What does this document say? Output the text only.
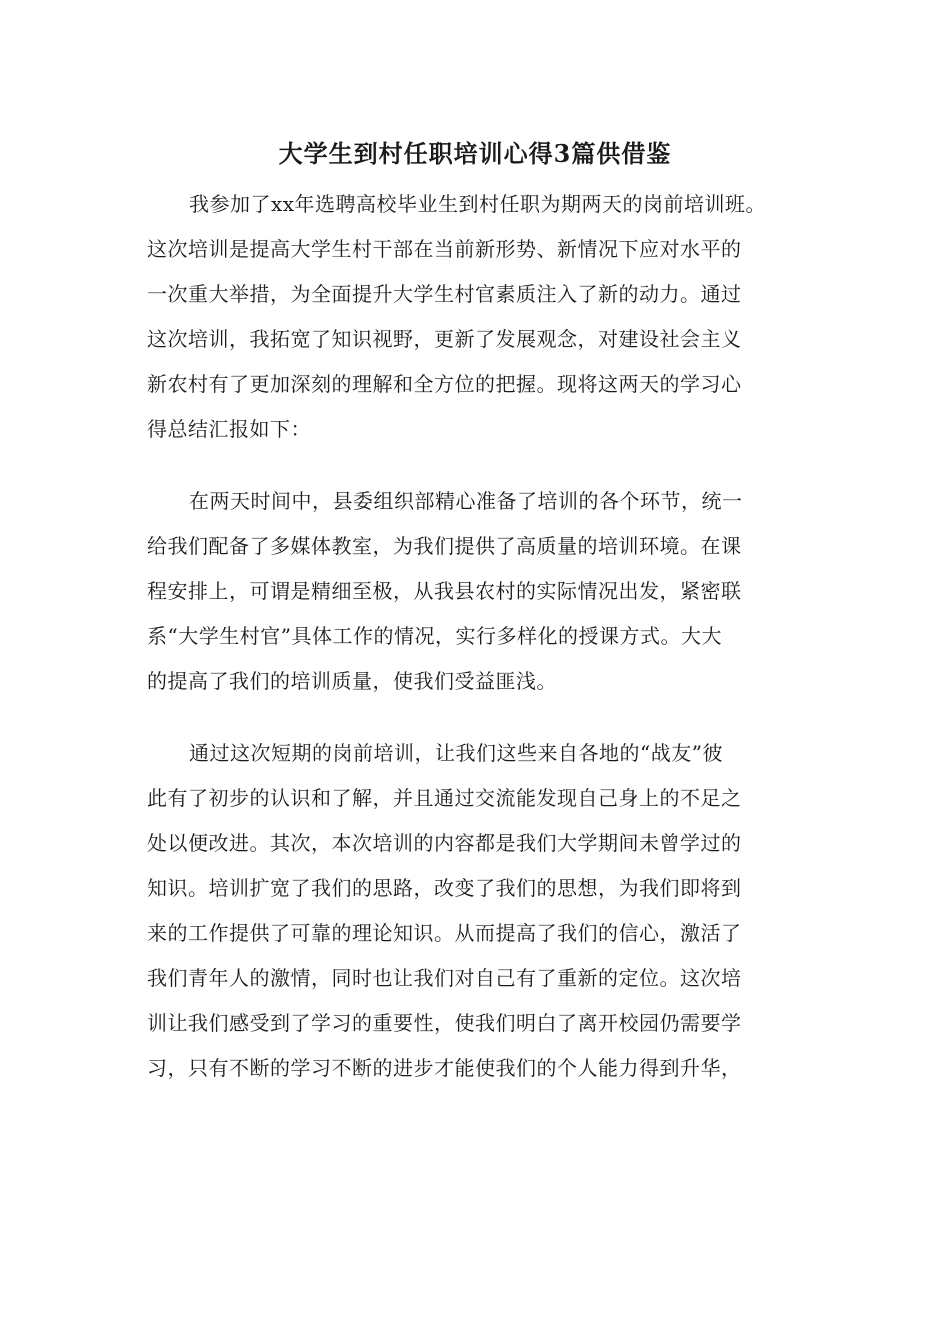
大学生到村任职培训心得3篇供借鉴
我参加了xx年选聘高校毕业生到村任职为期两天的岗前培训班。
这次培训是提高大学生村干部在当前新形势、新情况下应对水平的
一次重大举措，为全面提升大学生村官素质注入了新的动力。通过
这次培训，我拓宽了知识视野，更新了发展观念，对建设社会主义
新农村有了更加深刻的理解和全方位的把握。现将这两天的学习心
得总结汇报如下：
在两天时间中，县委组织部精心准备了培训的各个环节，统一
给我们配备了多媒体教室，为我们提供了高质量的培训环境。在课
程安排上，可谓是精细至极，从我县农村的实际情况出发，紧密联
系“大学生村官”具体工作的情况，实行多样化的授课方式。大大
的提高了我们的培训质量，使我们受益匪浅。
通过这次短期的岗前培训，让我们这些来自各地的“战友”彼
此有了初步的认识和了解，并且通过交流能发现自己身上的不足之
处以便改进。其次，本次培训的内容都是我们大学期间未曾学过的
知识。培训扩宽了我们的思路，改变了我们的思想，为我们即将到
来的工作提供了可靠的理论知识。从而提高了我们的信心，激活了
我们青年人的激情，同时也让我们对自己有了重新的定位。这次培
训让我们感受到了学习的重要性，使我们明白了离开校园仍需要学
习，只有不断的学习不断的进步才能使我们的个人能力得到升华，
